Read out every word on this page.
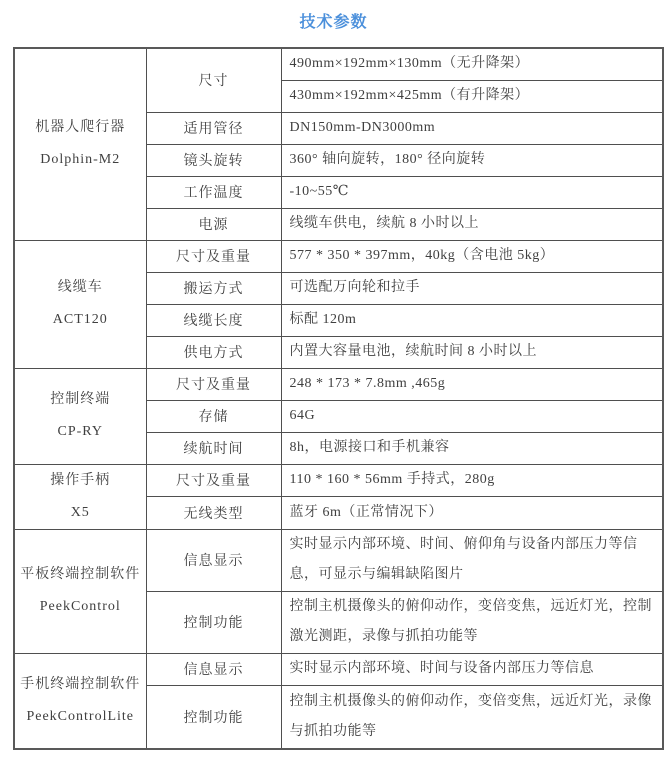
技术参数
机器人爬行器
Dolphin-M2	尺寸	490mm×192mm×130mm（无升降架）
		430mm×192mm×425mm（有升降架）
	适用管径	DN150mm-DN3000mm
	镜头旋转	360° 轴向旋转，180° 径向旋转
	工作温度	-10~55℃
	电源	线缆车供电，续航 8 小时以上

线缆车
ACT120	尺寸及重量	577 * 350 * 397mm，40kg（含电池 5kg）
	搬运方式	可选配万向轮和拉手
	线缆长度	标配 120m
	供电方式	内置大容量电池，续航时间 8 小时以上

控制终端
CP-RY	尺寸及重量	248 * 173 * 7.8mm ,465g
	存储	64G
	续航时间	8h，电源接口和手机兼容

操作手柄
X5	尺寸及重量	110 * 160 * 56mm 手持式，280g
	无线类型	蓝牙 6m（正常情况下）

平板终端控制软件
PeekControl	信息显示	实时显示内部环境、时间、俯仰角与设备内部压力等信息，可显示与编辑缺陷图片
	控制功能	控制主机摄像头的俯仰动作，变倍变焦，远近灯光，控制激光测距，录像与抓拍功能等

手机终端控制软件
PeekControlLite	信息显示	实时显示内部环境、时间与设备内部压力等信息
	控制功能	控制主机摄像头的俯仰动作，变倍变焦，远近灯光，录像与抓拍功能等
